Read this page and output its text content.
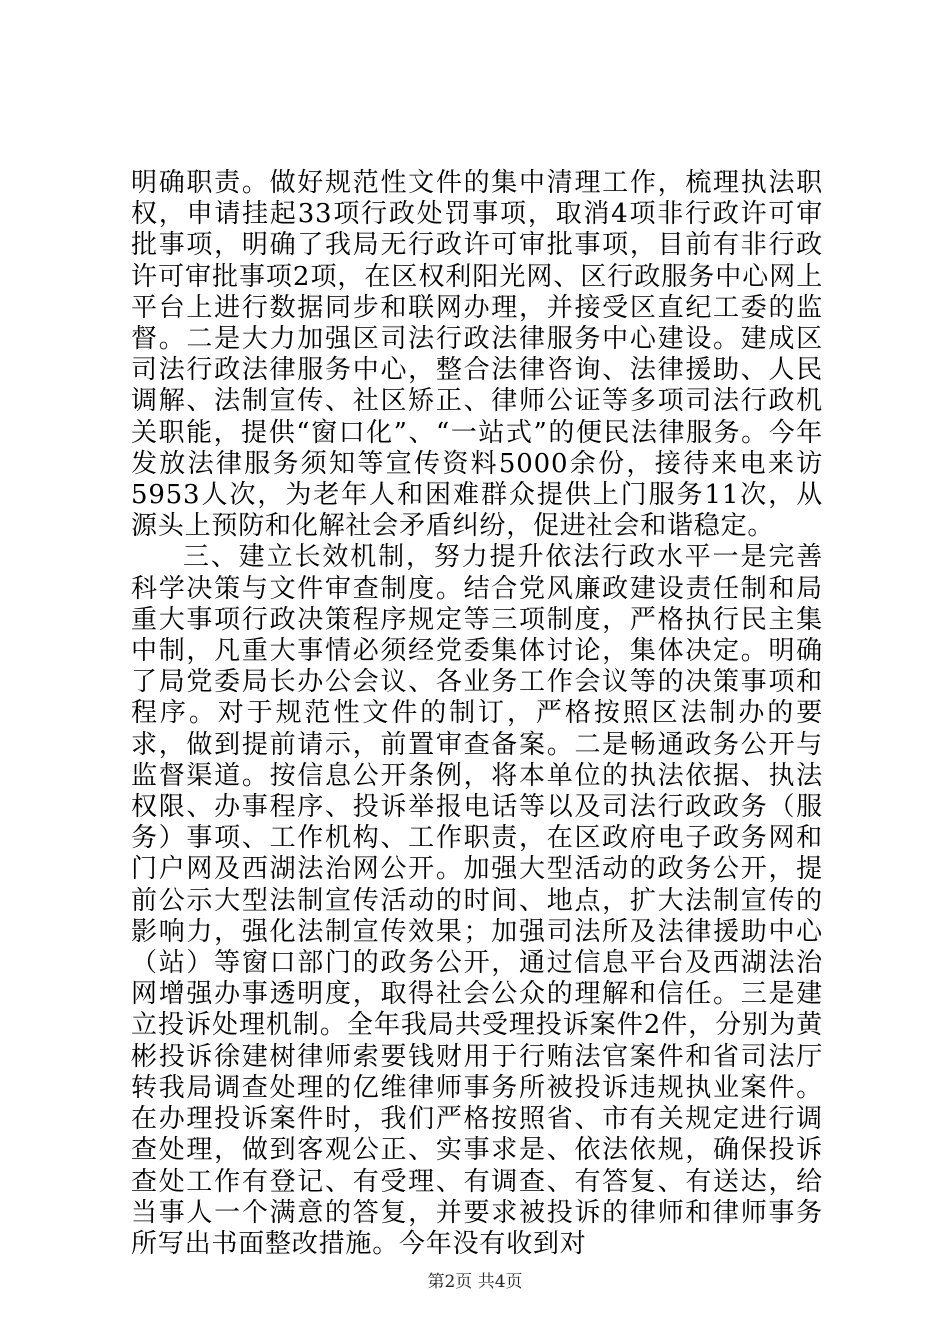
明确职责。做好规范性文件的集中清理工作，梳理执法职权，申请挂起33项行政处罚事项，取消4项非行政许可审批事项，明确了我局无行政许可审批事项，目前有非行政许可审批事项2项，在区权利阳光网、区行政服务中心网上平台上进行数据同步和联网办理，并接受区直纪工委的监督。二是大力加强区司法行政法律服务中心建设。建成区司法行政法律服务中心，整合法律咨询、法律援助、人民调解、法制宣传、社区矫正、律师公证等多项司法行政机关职能，提供“窗口化”、“一站式”的便民法律服务。今年发放法律服务须知等宣传资料5000余份，接待来电来访5953人次，为老年人和困难群众提供上门服务11次，从源头上预防和化解社会矛盾纠纷，促进社会和谐稳定。

三、建立长效机制，努力提升依法行政水平一是完善科学决策与文件审查制度。结合党风廉政建设责任制和局重大事项行政决策程序规定等三项制度，严格执行民主集中制，凡重大事情必须经党委集体讨论，集体决定。明确了局党委局长办公会议、各业务工作会议等的决策事项和程序。对于规范性文件的制订，严格按照区法制办的要求，做到提前请示，前置审查备案。二是畅通政务公开与监督渠道。按信息公开条例，将本单位的执法依据、执法权限、办事程序、投诉举报电话等以及司法行政政务（服务）事项、工作机构、工作职责，在区政府电子政务网和门户网及西湖法治网公开。加强大型活动的政务公开，提前公示大型法制宣传活动的时间、地点，扩大法制宣传的影响力，强化法制宣传效果；加强司法所及法律援助中心（站）等窗口部门的政务公开，通过信息平台及西湖法治网增强办事透明度，取得社会公众的理解和信任。三是建立投诉处理机制。全年我局共受理投诉案件2件，分别为黄彬投诉徐建树律师索要钱财用于行贿法官案件和省司法厅转我局调查处理的亿维律师事务所被投诉违规执业案件。在办理投诉案件时，我们严格按照省、市有关规定进行调查处理，做到客观公正、实事求是、依法依规，确保投诉查处工作有登记、有受理、有调查、有答复、有送达，给当事人一个满意的答复，并要求被投诉的律师和律师事务所写出书面整改措施。今年没有收到对

第2页 共4页
